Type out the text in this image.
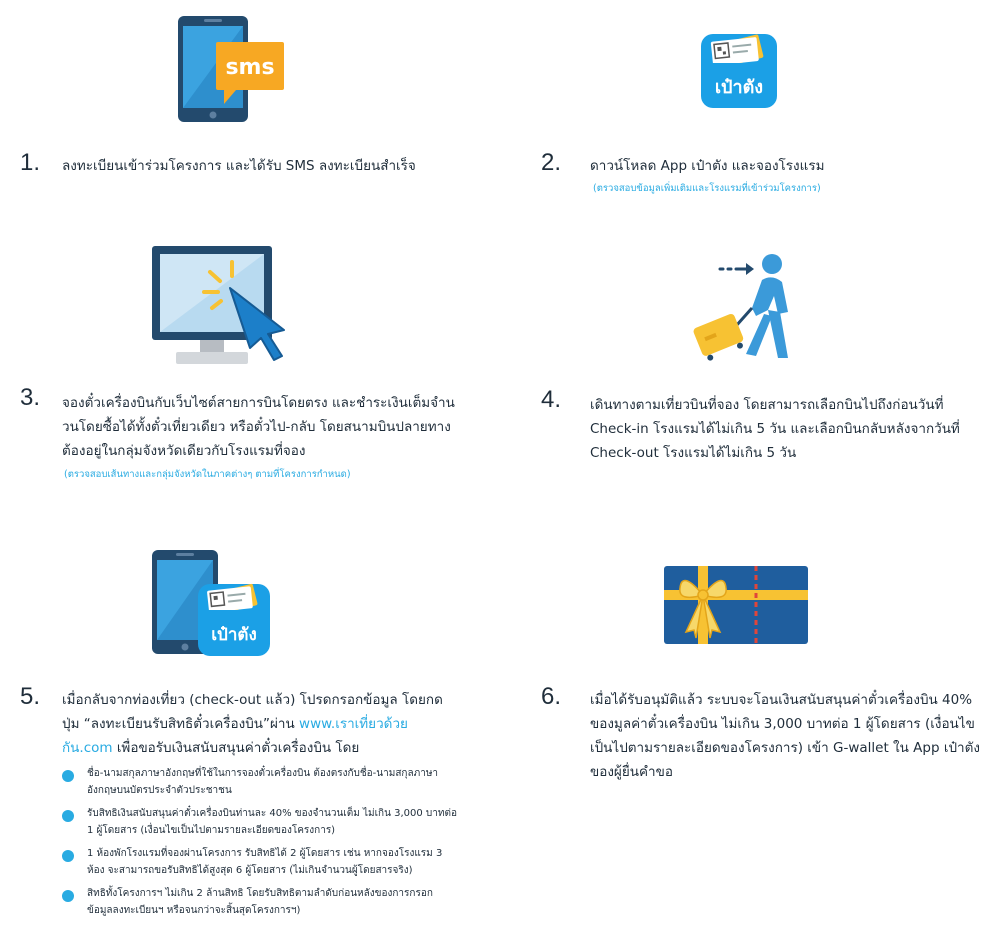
sms
เป๋าตัง
เป๋าตัง
1. ลงทะเบียนเข้าร่วมโครงการ และได้รับ SMS ลงทะเบียนสำเร็จ	2. ดาวน์โหลด App เป๋าตัง และจองโรงแรม
(ตรวจสอบข้อมูลเพิ่มเติมและโรงแรมที่เข้าร่วมโครงการ)
3. จองตั๋วเครื่องบินกับเว็บไซต์สายการบินโดยตรง และชำระเงินเต็มจำน
วนโดยซื้อได้ทั้งตั๋วเที่ยวเดียว หรือตั๋วไป-กลับ โดยสนามบินปลายทาง
ต้องอยู่ในกลุ่มจังหวัดเดียวกับโรงแรมที่จอง
(ตรวจสอบเส้นทางและกลุ่มจังหวัดในภาคต่างๆ ตามที่โครงการกำหนด)
4. เดินทางตามเที่ยวบินที่จอง โดยสามารถเลือกบินไปถึงก่อนวันที่
Check-in โรงแรมได้ไม่เกิน 5 วัน และเลือกบินกลับหลังจากวันที่
Check-out โรงแรมได้ไม่เกิน 5 วัน
5. เมื่อกลับจากท่องเที่ยว (check-out แล้ว) โปรดกรอกข้อมูล โดยกด
ปุ่ม “ลงทะเบียนรับสิทธิตั๋วเครื่องบิน”ผ่าน www.เราเที่ยวด้วย
กัน.com เพื่อขอรับเงินสนับสนุนค่าตั๋วเครื่องบิน โดย
ชื่อ-นามสกุลภาษาอังกฤษที่ใช้ในการจองตั๋วเครื่องบิน ต้องตรงกับชื่อ-นามสกุลภาษา
อังกฤษบนบัตรประจำตัวประชาชน
รับสิทธิเงินสนับสนุนค่าตั๋วเครื่องบินท่านละ 40% ของจำนวนเต็ม ไม่เกิน 3,000 บาทต่อ
1 ผู้โดยสาร (เงื่อนไขเป็นไปตามรายละเอียดของโครงการ)
1 ห้องพักโรงแรมที่จองผ่านโครงการ รับสิทธิได้ 2 ผู้โดยสาร เช่น หากจองโรงแรม 3
ห้อง จะสามารถขอรับสิทธิได้สูงสุด 6 ผู้โดยสาร (ไม่เกินจำนวนผู้โดยสารจริง)
สิทธิทั้งโครงการฯ ไม่เกิน 2 ล้านสิทธิ โดยรับสิทธิตามลำดับก่อนหลังของการกรอก
ข้อมูลลงทะเบียนฯ หรือจนกว่าจะสิ้นสุดโครงการฯ)
6. เมื่อได้รับอนุมัติแล้ว ระบบจะโอนเงินสนับสนุนค่าตั๋วเครื่องบิน 40%
ของมูลค่าตั๋วเครื่องบิน ไม่เกิน 3,000 บาทต่อ 1 ผู้โดยสาร (เงื่อนไข
เป็นไปตามรายละเอียดของโครงการ) เข้า G-wallet ใน App เป๋าตัง
ของผู้ยื่นคำขอ
